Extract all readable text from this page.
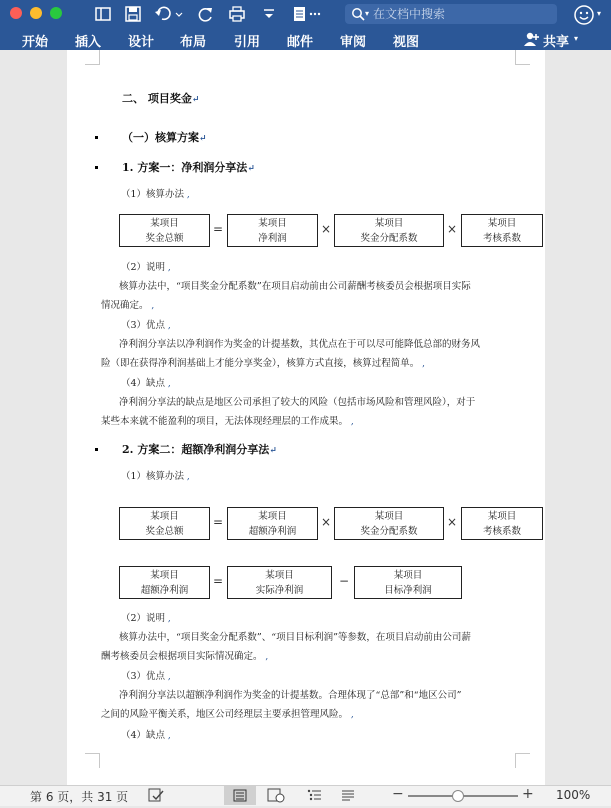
▾ 在文档中搜索	▾
开始 插入 设计 布局 引用 邮件 审阅 视图	共享 ▾
二、 项目奖金↵
（一）核算方案↵
1. 方案一：净利润分享法↵
（1）核算办法 ,
某项目
奖金总额
=	某项目
净利润
×	某项目
奖金分配系数
×	某项目
考核系数
（2）说明 ,
核算办法中，“项目奖金分配系数”在项目启动前由公司薪酬考核委员会根据项目实际
情况确定。 ,
（3）优点 ,
净利润分享法以净利润作为奖金的计提基数，其优点在于可以尽可能降低总部的财务风
险（即在获得净利润基础上才能分享奖金），核算方式直接，核算过程简单。 ,
（4）缺点 ,
净利润分享法的缺点是地区公司承担了较大的风险（包括市场风险和管理风险），对于
某些本来就不能盈利的项目，无法体现经理层的工作成果。 ,
2. 方案二：超额净利润分享法↵
（1）核算办法 ,
某项目
奖金总额
=	某项目
超额净利润
×	某项目
奖金分配系数
×	某项目
考核系数
某项目
超额净利润
=	某项目
实际净利润
−	某项目
目标净利润
（2）说明 ,
核算办法中，“项目奖金分配系数”、“项目目标利润”等参数，在项目启动前由公司薪
酬考核委员会根据项目实际情况确定。 ,
（3）优点 ,
净利润分享法以超额净利润作为奖金的计提基数。合理体现了“总部”和“地区公司”
之间的风险平衡关系，地区公司经理层主要承担管理风险。 ,
（4）缺点 ,
第 6 页，共 31 页	−	+ 100%
